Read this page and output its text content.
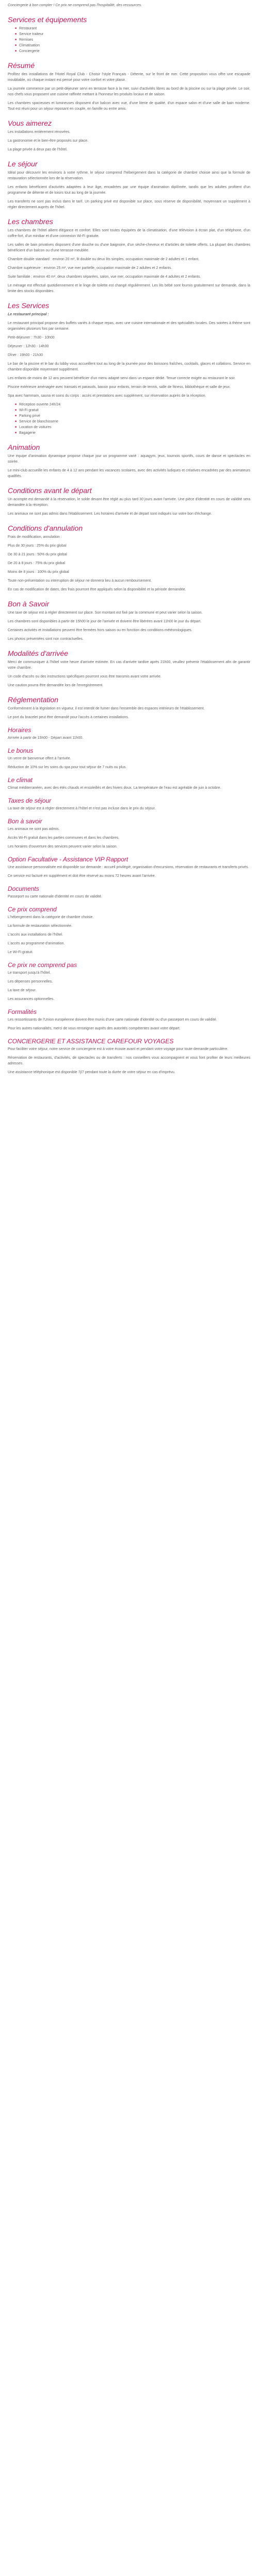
Conciergerie à bon compter ! Ce prix ne comprend pas l'hospitalité, des ressources.

Services et équipements
■ Restaurant
■ Service traiteur
■ Remises
■ Climatisation
■ Conciergerie
Résumé

Profitez des installations de l'Hotel Royal Club - Choisir l'style Français - Détente, sur le front de mer. Cette proposition vous offre une escapade inoubliable, où chaque instant est pensé pour votre confort et votre plaisir.

La journée commence par un petit-déjeuner servi en terrasse face à la mer, suivi d'activités libres au bord de la piscine ou sur la plage privée. Le soir, nos chefs vous proposent une cuisine raffinée mettant à l'honneur les produits locaux et de saison.

Les chambres spacieuses et lumineuses disposent d'un balcon avec vue, d'une literie de qualité, d'un espace salon et d'une salle de bain moderne. Tout est réuni pour un séjour reposant en couple, en famille ou entre amis.

Vous aimerez

Les installations entièrement rénovées.

La gastronomie et le bien-être proposés sur place.

La plage privée à deux pas de l'hôtel.

Le séjour

Idéal pour découvrir les environs à votre rythme, le séjour comprend l'hébergement dans la catégorie de chambre choisie ainsi que la formule de restauration sélectionnée lors de la réservation.

Les enfants bénéficient d'activités adaptées à leur âge, encadrées par une équipe d'animation diplômée, tandis que les adultes profitent d'un programme de détente et de loisirs tout au long de la journée.

Les transferts ne sont pas inclus dans le tarif. Un parking privé est disponible sur place, sous réserve de disponibilité, moyennant un supplément à régler directement auprès de l'hôtel.

Les chambres

Les chambres de l'hôtel allient élégance et confort. Elles sont toutes équipées de la climatisation, d'une télévision à écran plat, d'un téléphone, d'un coffre-fort, d'un minibar et d'une connexion Wi-Fi gratuite.

Les salles de bain privatives disposent d'une douche ou d'une baignoire, d'un sèche-cheveux et d'articles de toilette offerts. La plupart des chambres bénéficient d'un balcon ou d'une terrasse meublée.

Chambre double standard : environ 20 m², lit double ou deux lits simples, occupation maximale de 2 adultes et 1 enfant.

Chambre supérieure : environ 25 m², vue mer partielle, occupation maximale de 2 adultes et 2 enfants.

Suite familiale : environ 40 m², deux chambres séparées, salon, vue mer, occupation maximale de 4 adultes et 2 enfants.

Le ménage est effectué quotidiennement et le linge de toilette est changé régulièrement. Les lits bébé sont fournis gratuitement sur demande, dans la limite des stocks disponibles.

Les Services

Le restaurant principal :

Le restaurant principal propose des buffets variés à chaque repas, avec une cuisine internationale et des spécialités locales. Des soirées à thème sont organisées plusieurs fois par semaine.

Petit-déjeuner : 7h30 - 10h00

Déjeuner : 12h30 - 14h30

Dîner : 19h00 - 21h30

Le bar de la piscine et le bar du lobby vous accueillent tout au long de la journée pour des boissons fraîches, cocktails, glaces et collations. Service en chambre disponible moyennant supplément.

Les enfants de moins de 12 ans peuvent bénéficier d'un menu adapté servi dans un espace dédié. Tenue correcte exigée au restaurant le soir.

Piscine extérieure aménagée avec transats et parasols, bassin pour enfants, terrain de tennis, salle de fitness, bibliothèque et salle de jeux.

Spa avec hammam, sauna et soins du corps : accès et prestations avec supplément, sur réservation auprès de la réception.

■ Réception ouverte 24h/24
■ Wi-Fi gratuit
■ Parking privé
■ Service de blanchisserie
■ Location de voitures
■ Bagagerie
Animation

Une équipe d'animation dynamique propose chaque jour un programme varié : aquagym, jeux, tournois sportifs, cours de danse et spectacles en soirée.

Le mini-club accueille les enfants de 4 à 12 ans pendant les vacances scolaires, avec des activités ludiques et créatives encadrées par des animateurs qualifiés.

Conditions avant le départ

Un acompte est demandé à la réservation, le solde devant être réglé au plus tard 30 jours avant l'arrivée. Une pièce d'identité en cours de validité sera demandée à la réception.

Les animaux ne sont pas admis dans l'établissement. Les horaires d'arrivée et de départ sont indiqués sur votre bon d'échange.

Conditions d'annulation

Frais de modification, annulation :

Plus de 30 jours : 25% du prix global

De 30 à 21 jours : 50% du prix global

De 20 à 8 jours : 75% du prix global

Moins de 8 jours : 100% du prix global

Toute non-présentation ou interruption de séjour ne donnera lieu à aucun remboursement.

En cas de modification de dates, des frais pourront être appliqués selon la disponibilité et la période demandée.

Bon à Savoir

Une taxe de séjour est à régler directement sur place. Son montant est fixé par la commune et peut varier selon la saison.

Les chambres sont disponibles à partir de 15h00 le jour de l'arrivée et doivent être libérées avant 11h00 le jour du départ.

Certaines activités et installations peuvent être fermées hors saison ou en fonction des conditions météorologiques.

Les photos présentées sont non contractuelles.

Modalités d'arrivée

Merci de communiquer à l'hôtel votre heure d'arrivée estimée. En cas d'arrivée tardive après 21h00, veuillez prévenir l'établissement afin de garantir votre chambre.

Un code d'accès ou des instructions spécifiques pourront vous être transmis avant votre arrivée.

Une caution pourra être demandée lors de l'enregistrement.

Réglementation

Conformément à la législation en vigueur, il est interdit de fumer dans l'ensemble des espaces intérieurs de l'établissement.

Le port du bracelet peut être demandé pour l'accès à certaines installations.

Horaires

Arrivée à partir de 15h00 - Départ avant 11h00.

Le bonus

Un verre de bienvenue offert à l'arrivée.

Réduction de 10% sur les soins du spa pour tout séjour de 7 nuits ou plus.

Le climat

Climat méditerranéen, avec des étés chauds et ensoleillés et des hivers doux. La température de l'eau est agréable de juin à octobre.

Taxes de séjour

La taxe de séjour est à régler directement à l'hôtel et n'est pas incluse dans le prix du séjour.

Bon à savoir

Les animaux ne sont pas admis.

Accès Wi-Fi gratuit dans les parties communes et dans les chambres.

Les horaires d'ouverture des services peuvent varier selon la saison.

Option Facultative - Assistance VIP Rapport

Une assistance personnalisée est disponible sur demande : accueil privilégié, organisation d'excursions, réservation de restaurants et transferts privés.

Ce service est facturé en supplément et doit être réservé au moins 72 heures avant l'arrivée.

Documents

Passeport ou carte nationale d'identité en cours de validité.

Ce prix comprend

L'hébergement dans la catégorie de chambre choisie.

La formule de restauration sélectionnée.

L'accès aux installations de l'hôtel.

L'accès au programme d'animation.

Le Wi-Fi gratuit.

Ce prix ne comprend pas

Le transport jusqu'à l'hôtel.

Les dépenses personnelles.

La taxe de séjour.

Les assurances optionnelles.

Formalités

Les ressortissants de l'Union européenne doivent être munis d'une carte nationale d'identité ou d'un passeport en cours de validité.

Pour les autres nationalités, merci de vous renseigner auprès des autorités compétentes avant votre départ.

CONCIERGERIE ET ASSISTANCE CAREFOUR VOYAGES

Pour faciliter votre séjour, notre service de conciergerie est à votre écoute avant et pendant votre voyage pour toute demande particulière.

Réservation de restaurants, d'activités, de spectacles ou de transferts : nos conseillers vous accompagnent et vous font profiter de leurs meilleures adresses.

Une assistance téléphonique est disponible 7j/7 pendant toute la durée de votre séjour en cas d'imprévu.
